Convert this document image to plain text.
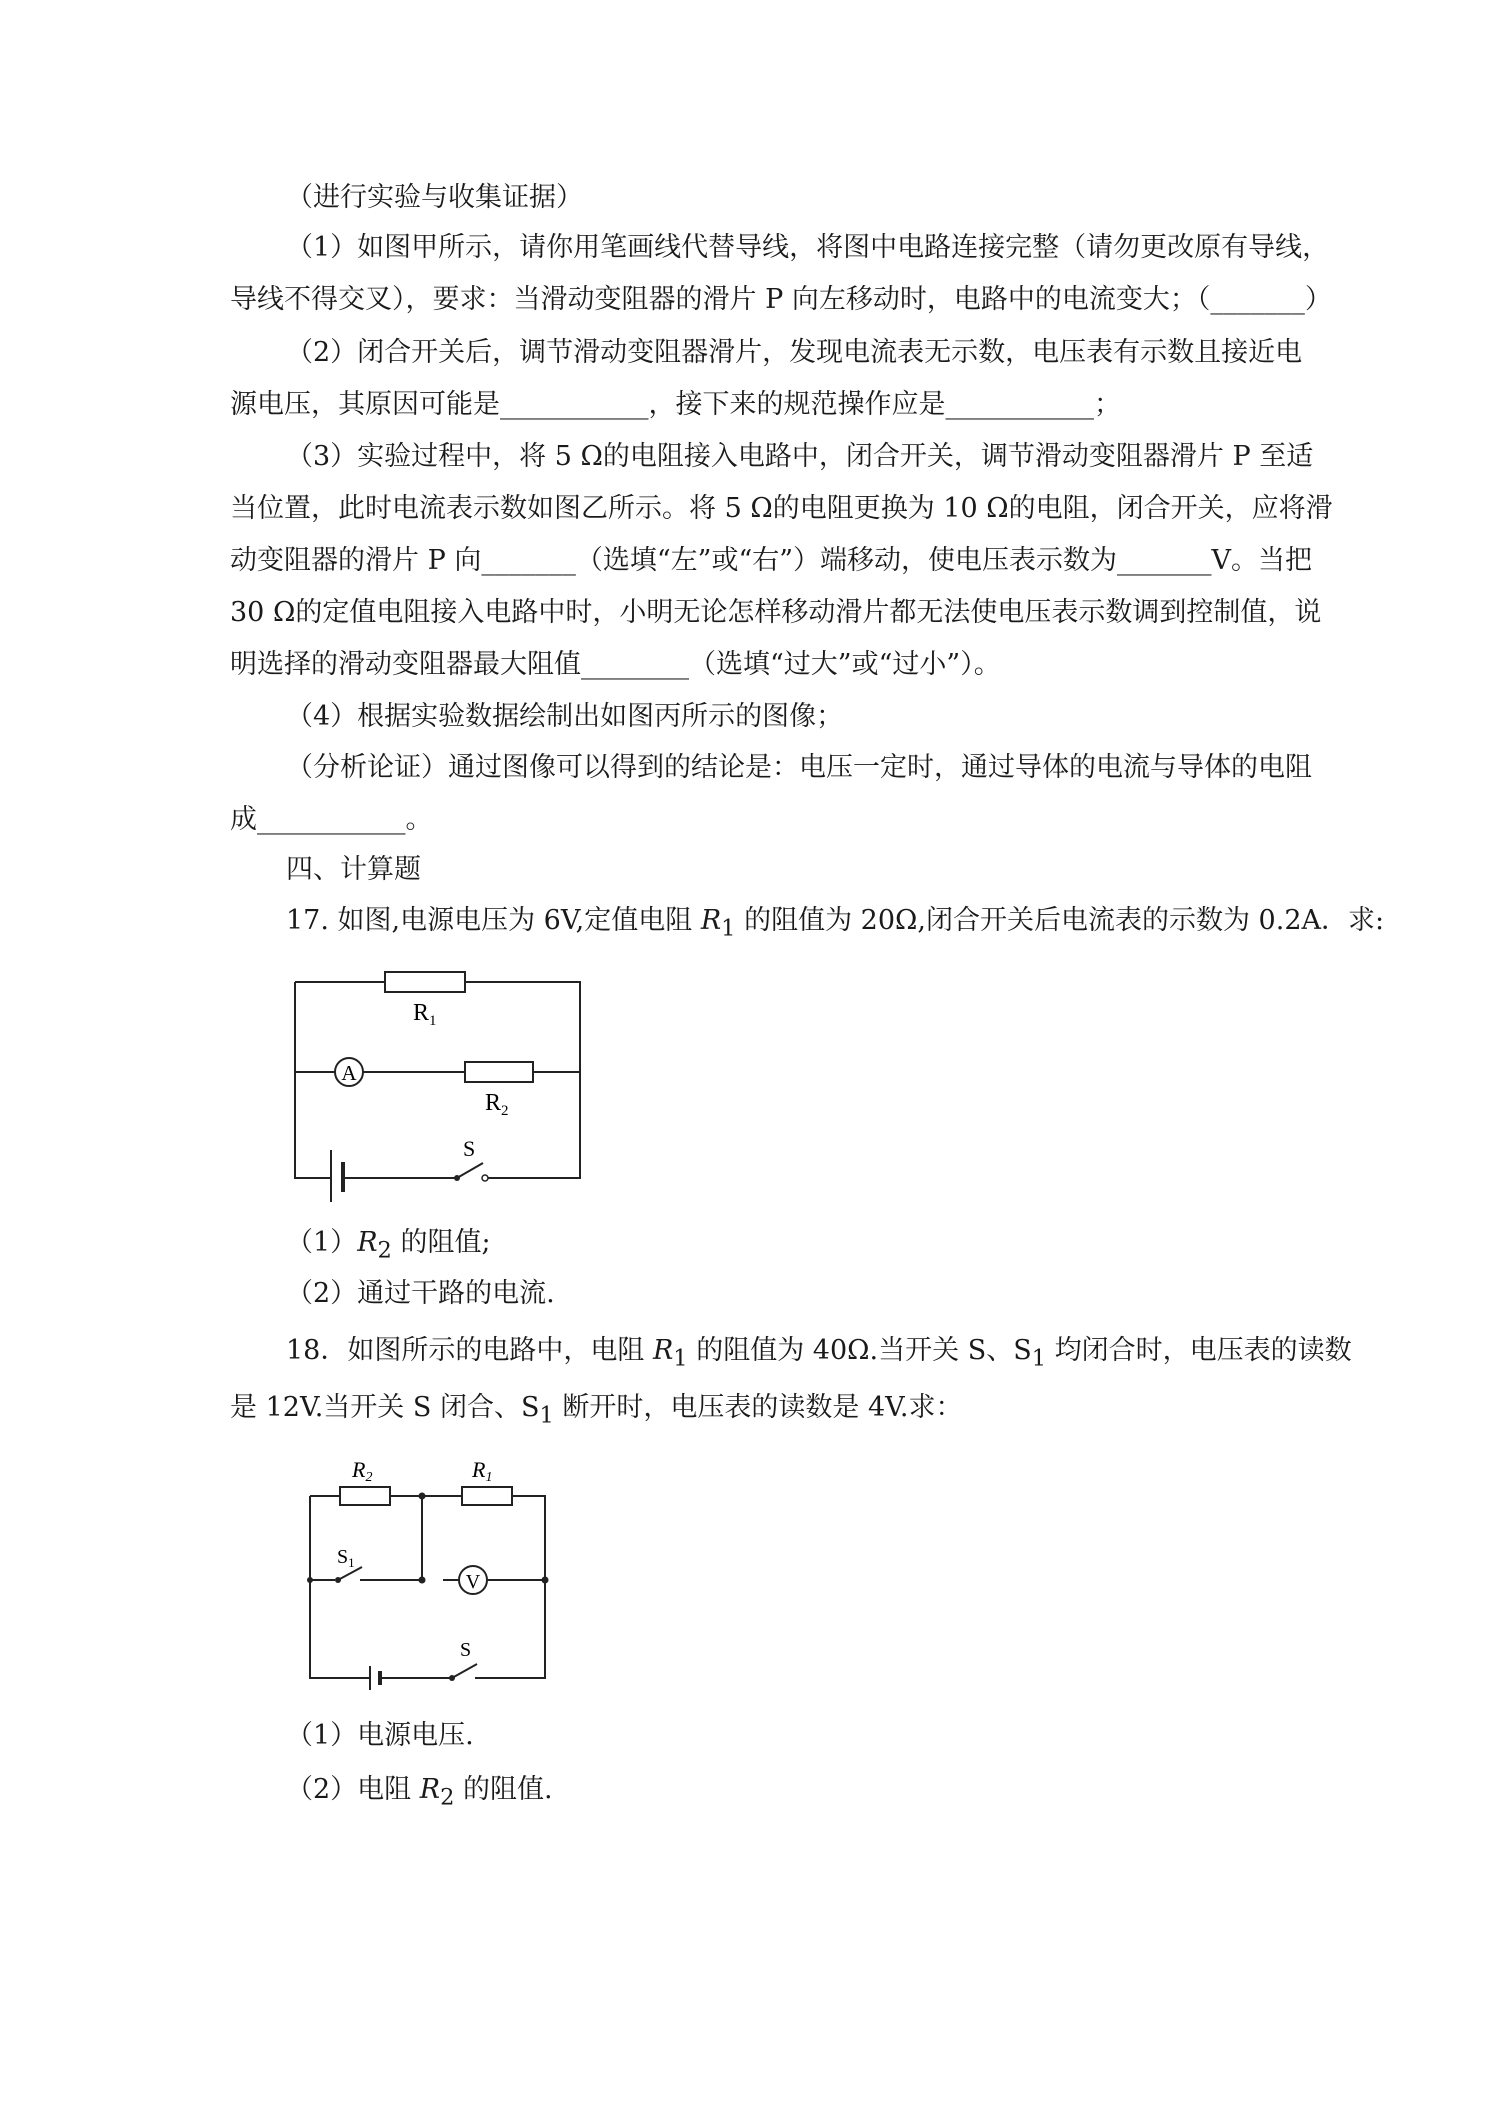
（进行实验与收集证据）
（1）如图甲所示，请你用笔画线代替导线，将图中电路连接完整（请勿更改原有导线，
导线不得交叉），要求：当滑动变阻器的滑片 P 向左移动时，电路中的电流变大；（_______）
（2）闭合开关后，调节滑动变阻器滑片，发现电流表无示数，电压表有示数且接近电
源电压，其原因可能是___________，接下来的规范操作应是___________；
（3）实验过程中，将 5 Ω的电阻接入电路中，闭合开关，调节滑动变阻器滑片 P 至适
当位置，此时电流表示数如图乙所示。将 5 Ω的电阻更换为 10 Ω的电阻，闭合开关，应将滑
动变阻器的滑片 P 向_______（选填“左”或“右”）端移动，使电压表示数为_______V。当把
30 Ω的定值电阻接入电路中时，小明无论怎样移动滑片都无法使电压表示数调到控制值，说
明选择的滑动变阻器最大阻值________（选填“过大”或“过小”）。
（4）根据实验数据绘制出如图丙所示的图像；
（分析论证）通过图像可以得到的结论是：电压一定时，通过导体的电流与导体的电阻
成___________。
四、计算题
17. 如图,电源电压为 6V,定值电阻 $R_1$ 的阻值为 20Ω,闭合开关后电流表的示数为 0.2A．求:
A
$R_1$
$R_2$
S
$(1)R_2$ 的阻值;
（2）通过干路的电流.
18．如图所示的电路中，电阻 $R_1$ 的阻值为 40Ω.当开关 S、$S_1$ 均闭合时，电压表的读数
是 12V.当开关 S 闭合、$S_1$ 断开时，电压表的读数是 4V.求：
V
R2	R1
$S_1$
S
（1）电源电压.
（2）电阻 $R_2$ 的阻值.
